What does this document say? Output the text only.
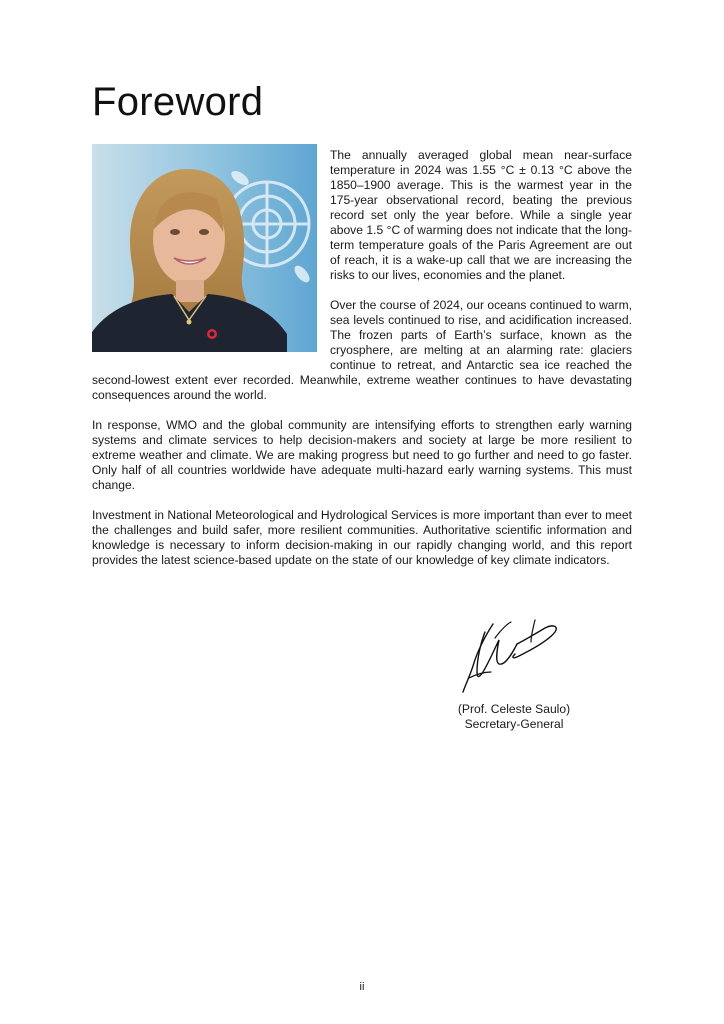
Foreword

The annually averaged global mean near-surface temperature in 2024 was 1.55 °C ± 0.13 °C above the 1850–1900 average. This is the warmest year in the 175-year observational record, beating the previous record set only the year before. While a single year above 1.5 °C of warming does not indicate that the long-term temperature goals of the Paris Agreement are out of reach, it is a wake-up call that we are increasing the risks to our lives, economies and the planet.

Over the course of 2024, our oceans continued to warm, sea levels continued to rise, and acidification increased. The frozen parts of Earth’s surface, known as the cryosphere, are melting at an alarming rate: glaciers continue to retreat, and Antarctic sea ice reached the second-lowest extent ever recorded. Meanwhile, extreme weather continues to have devastating consequences around the world.

In response, WMO and the global community are intensifying efforts to strengthen early warning systems and climate services to help decision-makers and society at large be more resilient to extreme weather and climate. We are making progress but need to go further and need to go faster. Only half of all countries worldwide have adequate multi-hazard early warning systems. This must change.

Investment in National Meteorological and Hydrological Services is more important than ever to meet the challenges and build safer, more resilient communities. Authoritative scientific information and knowledge is necessary to inform decision-making in our rapidly changing world, and this report provides the latest science-based update on the state of our knowledge of key climate indicators.

(Prof. Celeste Saulo)
Secretary-General
ii
